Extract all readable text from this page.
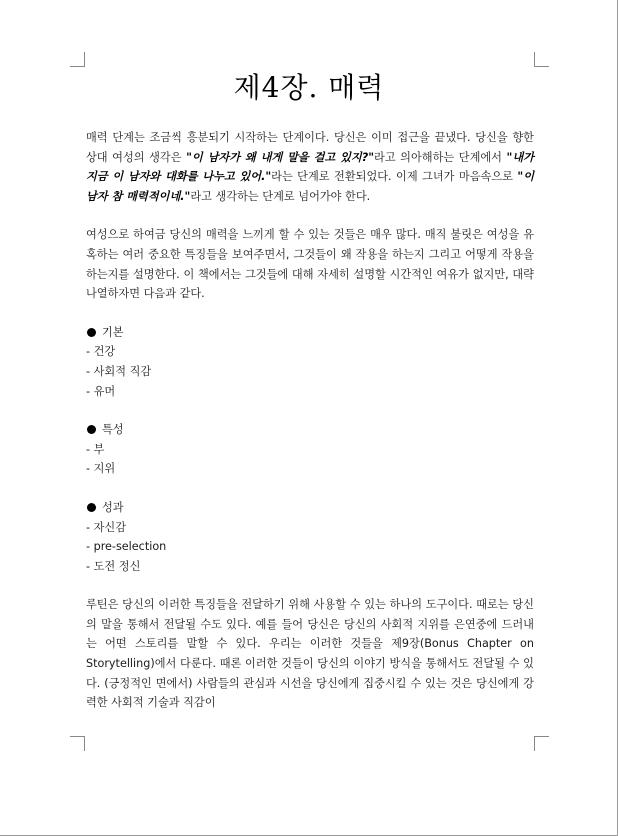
제4장. 매력

매력 단계는 조금씩 흥분되기 시작하는 단계이다. 당신은 이미 접근을 끝냈다. 당신을 향한 상대 여성의 생각은 "이 남자가 왜 내게 말을 걸고 있지?"라고 의아해하는 단계에서 "내가 지금 이 남자와 대화를 나누고 있어."라는 단계로 전환되었다. 이제 그녀가 마음속으로 "이 남자 참 매력적이네."라고 생각하는 단계로 넘어가야 한다.

여성으로 하여금 당신의 매력을 느끼게 할 수 있는 것들은 매우 많다. 매직 불릿은 여성을 유혹하는 여러 중요한 특징들을 보여주면서, 그것들이 왜 작용을 하는지 그리고 어떻게 작용을 하는지를 설명한다. 이 책에서는 그것들에 대해 자세히 설명할 시간적인 여유가 없지만, 대략 나열하자면 다음과 같다.

기본
- 건강
- 사회적 직감
- 유머
특성
- 부
- 지위
성과
- 자신감
- pre-selection
- 도전 정신

루틴은 당신의 이러한 특징들을 전달하기 위해 사용할 수 있는 하나의 도구이다. 때로는 당신의 말을 통해서 전달될 수도 있다. 예를 들어 당신은 당신의 사회적 지위를 은연중에 드러내는 어떤 스토리를 말할 수 있다. 우리는 이러한 것들을 제9장(Bonus Chapter on Storytelling)에서 다룬다. 때론 이러한 것들이 당신의 이야기 방식을 통해서도 전달될 수 있다. (긍정적인 면에서) 사람들의 관심과 시선을 당신에게 집중시킬 수 있는 것은 당신에게 강력한 사회적 기술과 직감이
